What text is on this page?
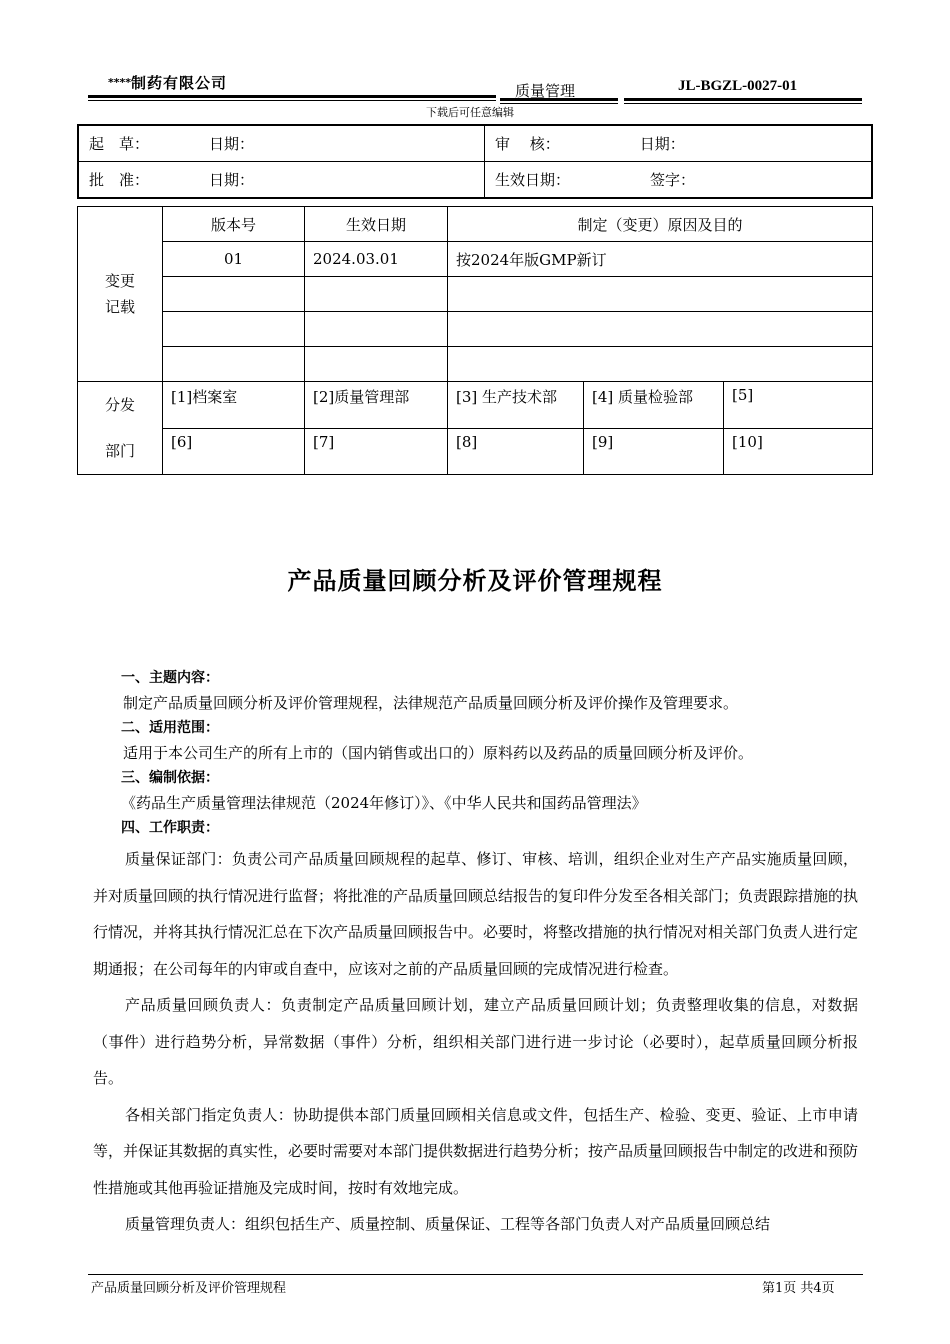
****制药有限公司	质量管理	JL-BGZL-0027-01
下载后可任意编辑
起　草： 日期：	审　 核： 日期：
批　准： 日期：	生效日期： 签字：
变更
记载	版本号	生效日期	制定（变更）原因及目的		
	01	2024.03.01	按2024年版GMP新订		

分发
部门	[1]档案室	[2]质量管理部	[3] 生产技术部	[4] 质量检验部	[5]
	[6]	[7]	[8]	[9]	[10]
产品质量回顾分析及评价管理规程
一、主题内容：
制定产品质量回顾分析及评价管理规程，法律规范产品质量回顾分析及评价操作及管理要求。
二、适用范围：
适用于本公司生产的所有上市的（国内销售或出口的）原料药以及药品的质量回顾分析及评价。
三、编制依据：
《药品生产质量管理法律规范（2024年修订）》、《中华人民共和国药品管理法》
四、工作职责：

质量保证部门：负责公司产品质量回顾规程的起草、修订、审核、培训，组织企业对生产产品实施质量回顾，并对质量回顾的执行情况进行监督；将批准的产品质量回顾总结报告的复印件分发至各相关部门；负责跟踪措施的执行情况，并将其执行情况汇总在下次产品质量回顾报告中。必要时，将整改措施的执行情况对相关部门负责人进行定期通报；在公司每年的内审或自查中，应该对之前的产品质量回顾的完成情况进行检查。

产品质量回顾负责人：负责制定产品质量回顾计划，建立产品质量回顾计划；负责整理收集的信息，对数据（事件）进行趋势分析，异常数据（事件）分析，组织相关部门进行进一步讨论（必要时），起草质量回顾分析报告。

各相关部门指定负责人：协助提供本部门质量回顾相关信息或文件，包括生产、检验、变更、验证、上市申请等，并保证其数据的真实性，必要时需要对本部门提供数据进行趋势分析；按产品质量回顾报告中制定的改进和预防性措施或其他再验证措施及完成时间，按时有效地完成。

质量管理负责人：组织包括生产、质量控制、质量保证、工程等各部门负责人对产品质量回顾总结

产品质量回顾分析及评价管理规程	第1页 共4页
